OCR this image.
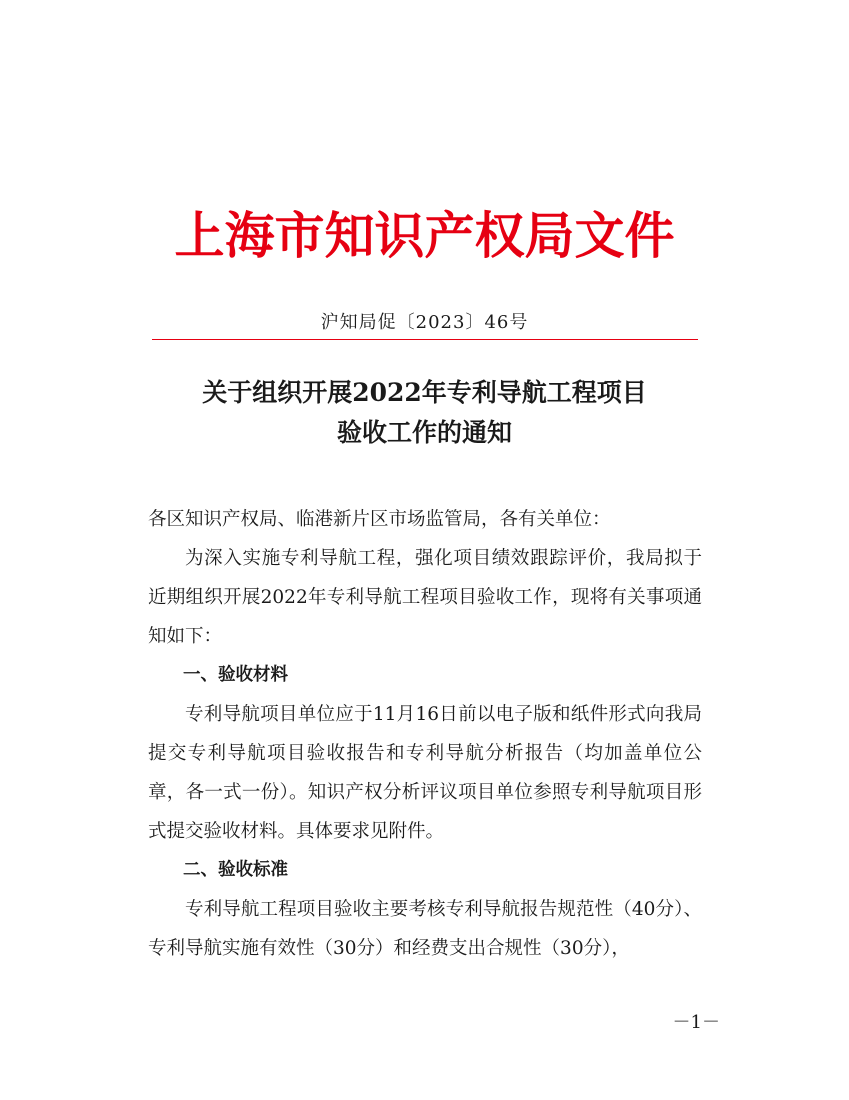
上海市知识产权局文件
沪知局促〔2023〕46号
关于组织开展2022年专利导航工程项目
验收工作的通知

各区知识产权局、临港新片区市场监管局，各有关单位：

为深入实施专利导航工程，强化项目绩效跟踪评价，我局拟于近期组织开展2022年专利导航工程项目验收工作，现将有关事项通知如下：

一、验收材料

专利导航项目单位应于11月16日前以电子版和纸件形式向我局提交专利导航项目验收报告和专利导航分析报告（均加盖单位公章，各一式一份）。知识产权分析评议项目单位参照专利导航项目形式提交验收材料。具体要求见附件。

二、验收标准

专利导航工程项目验收主要考核专利导航报告规范性（40分）、专利导航实施有效性（30分）和经费支出合规性（30分），

－1－
